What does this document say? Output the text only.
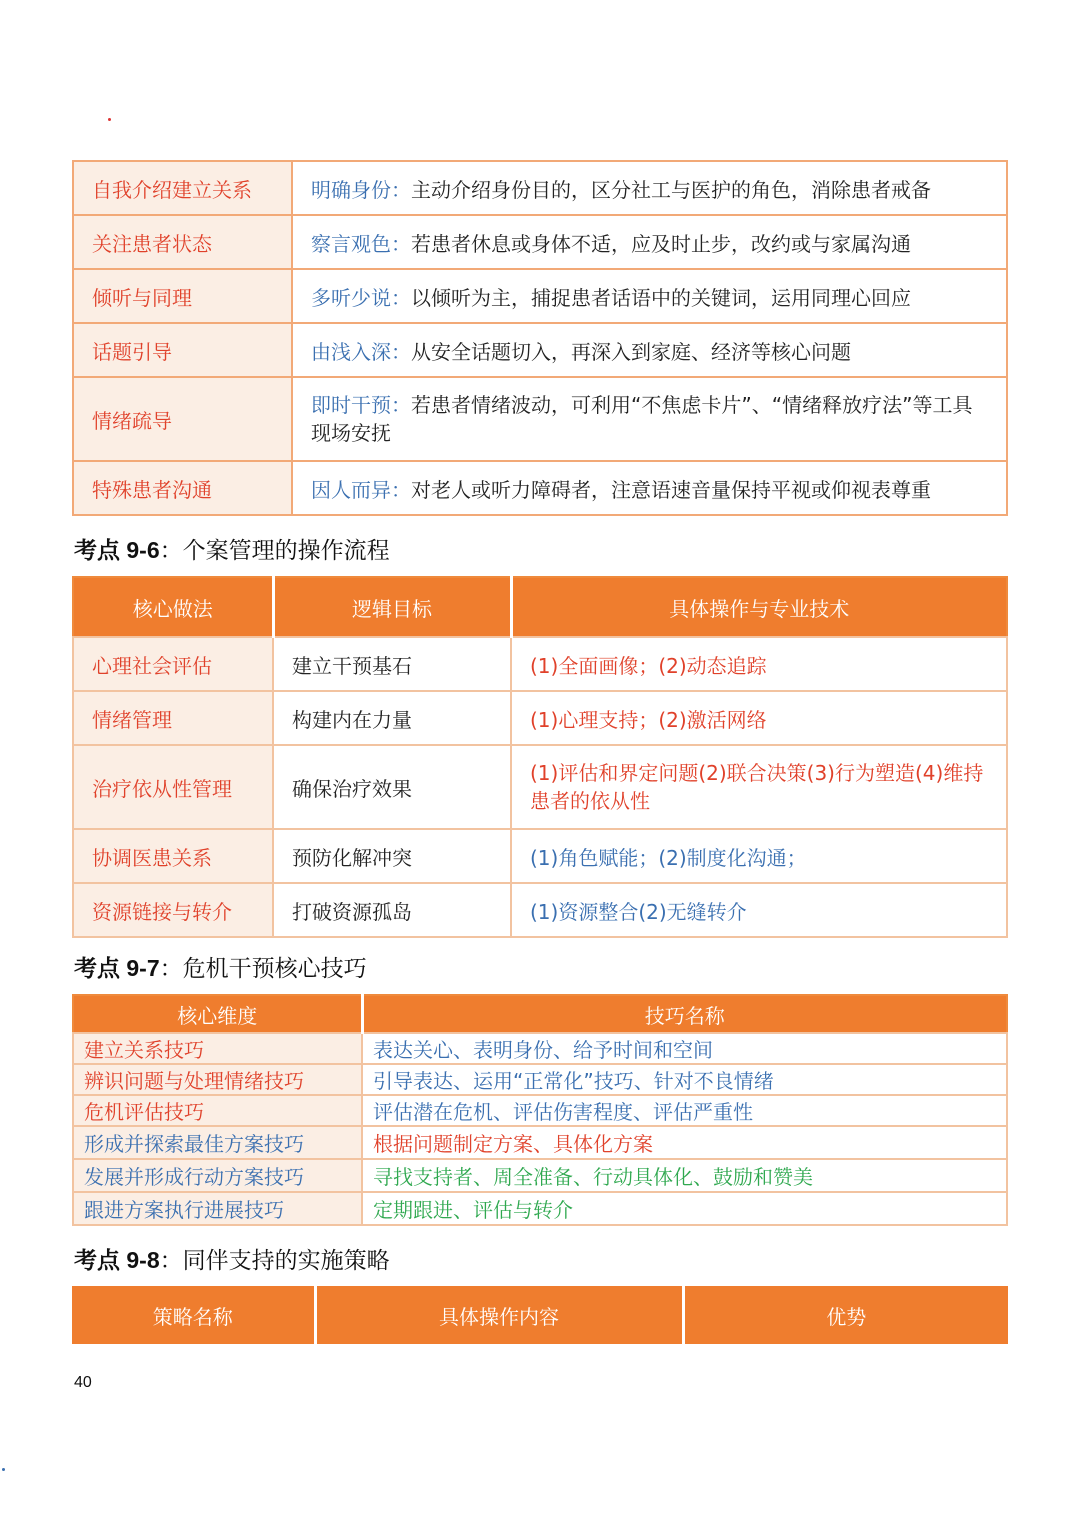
自我介绍建立关系	明确身份：主动介绍身份目的，区分社工与医护的角色，消除患者戒备
关注患者状态	察言观色：若患者休息或身体不适，应及时止步，改约或与家属沟通
倾听与同理	多听少说：以倾听为主，捕捉患者话语中的关键词，运用同理心回应
话题引导	由浅入深：从安全话题切入，再深入到家庭、经济等核心问题
情绪疏导	即时干预：若患者情绪波动，可利用“不焦虑卡片”、“情绪释放疗法”等工具现场安抚
特殊患者沟通	因人而异：对老人或听力障碍者，注意语速音量保持平视或仰视表尊重
考点 9-6：个案管理的操作流程
核心做法	逻辑目标	具体操作与专业技术
心理社会评估	建立干预基石	(1)全面画像；(2)动态追踪
情绪管理	构建内在力量	(1)心理支持；(2)激活网络
治疗依从性管理	确保治疗效果	(1)评估和界定问题(2)联合决策(3)行为塑造(4)维持患者的依从性
协调医患关系	预防化解冲突	(1)角色赋能；(2)制度化沟通；
资源链接与转介	打破资源孤岛	(1)资源整合(2)无缝转介
考点 9-7：危机干预核心技巧
核心维度	技巧名称
建立关系技巧	表达关心、表明身份、给予时间和空间
辨识问题与处理情绪技巧	引导表达、运用“正常化”技巧、针对不良情绪
危机评估技巧	评估潜在危机、评估伤害程度、评估严重性
形成并探索最佳方案技巧	根据问题制定方案、具体化方案
发展并形成行动方案技巧	寻找支持者、周全准备、行动具体化、鼓励和赞美
跟进方案执行进展技巧	定期跟进、评估与转介
考点 9-8：同伴支持的实施策略
策略名称	具体操作内容	优势
40
